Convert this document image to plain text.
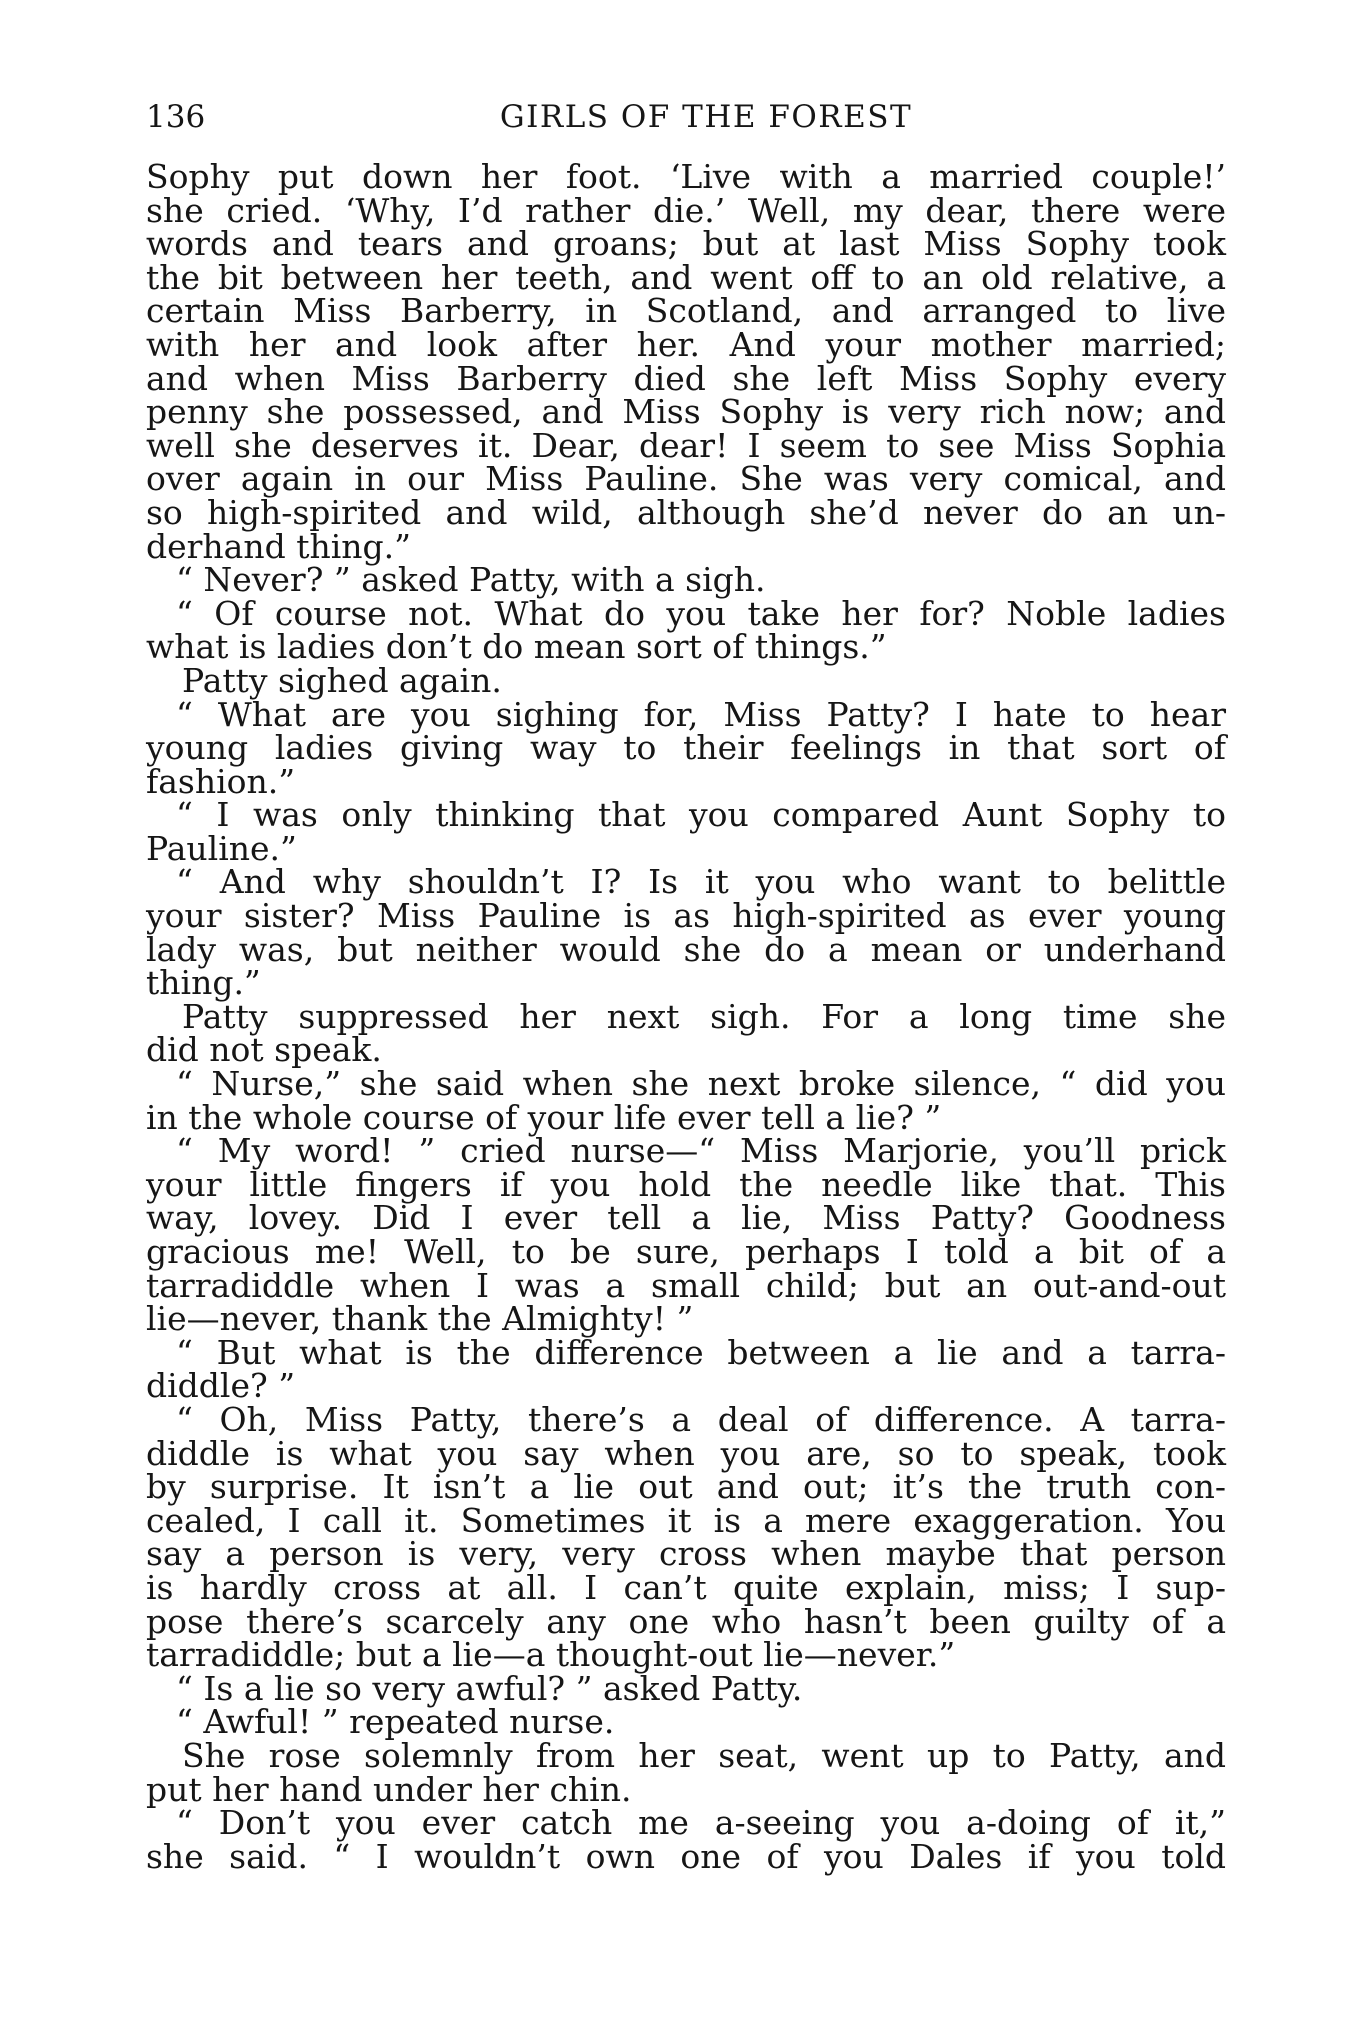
136	GIRLS OF THE FOREST
Sophy put down her foot. ‘Live with a married couple!’
she cried. ‘Why, I’d rather die.’ Well, my dear, there were
words and tears and groans; but at last Miss Sophy took
the bit between her teeth, and went off to an old relative, a
certain Miss Barberry, in Scotland, and arranged to live
with her and look after her. And your mother married;
and when Miss Barberry died she left Miss Sophy every
penny she possessed, and Miss Sophy is very rich now; and
well she deserves it. Dear, dear! I seem to see Miss Sophia
over again in our Miss Pauline. She was very comical, and
so high-spirited and wild, although she’d never do an un-
derhand thing.”
“ Never? ” asked Patty, with a sigh.
“ Of course not. What do you take her for? Noble ladies
what is ladies don’t do mean sort of things.”
Patty sighed again.
“ What are you sighing for, Miss Patty? I hate to hear
young ladies giving way to their feelings in that sort of
fashion.”
“ I was only thinking that you compared Aunt Sophy to
Pauline.”
“ And why shouldn’t I? Is it you who want to belittle
your sister? Miss Pauline is as high-spirited as ever young
lady was, but neither would she do a mean or underhand
thing.”
Patty suppressed her next sigh. For a long time she
did not speak.
“ Nurse,” she said when she next broke silence, “ did you
in the whole course of your life ever tell a lie? ”
“ My word! ” cried nurse—“ Miss Marjorie, you’ll prick
your little fingers if you hold the needle like that. This
way, lovey. Did I ever tell a lie, Miss Patty? Goodness
gracious me! Well, to be sure, perhaps I told a bit of a
tarradiddle when I was a small child; but an out-and-out
lie—never, thank the Almighty! ”
“ But what is the difference between a lie and a tarra-
diddle? ”
“ Oh, Miss Patty, there’s a deal of difference. A tarra-
diddle is what you say when you are, so to speak, took
by surprise. It isn’t a lie out and out; it’s the truth con-
cealed, I call it. Sometimes it is a mere exaggeration. You
say a person is very, very cross when maybe that person
is hardly cross at all. I can’t quite explain, miss; I sup-
pose there’s scarcely any one who hasn’t been guilty of a
tarradiddle; but a lie—a thought-out lie—never.”
“ Is a lie so very awful? ” asked Patty.
“ Awful! ” repeated nurse.
She rose solemnly from her seat, went up to Patty, and
put her hand under her chin.
“ Don’t you ever catch me a-seeing you a-doing of it,”
she said. “ I wouldn’t own one of you Dales if you told
